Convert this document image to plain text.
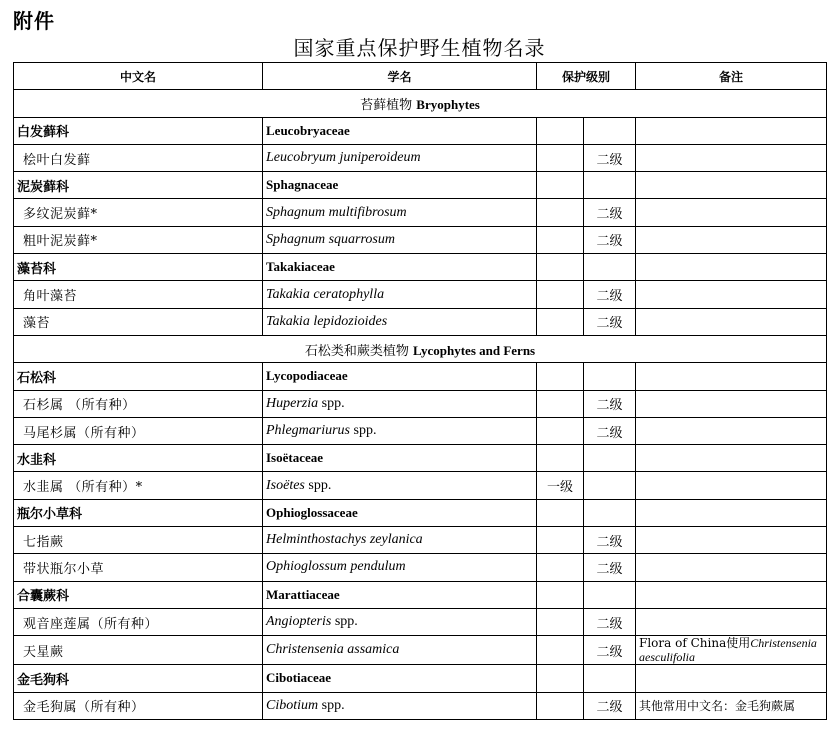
附件
国家重点保护野生植物名录
中文名	学名	保护级别		备注
苔藓植物 Bryophytes				
白发藓科	Leucobryaceae			
桧叶白发藓	Leucobryum juniperoideum		二级	
泥炭藓科	Sphagnaceae			
多纹泥炭藓*	Sphagnum multifibrosum		二级	
粗叶泥炭藓*	Sphagnum squarrosum		二级	
藻苔科	Takakiaceae			
角叶藻苔	Takakia ceratophylla		二级	
藻苔	Takakia lepidozioides		二级	
石松类和蕨类植物 Lycophytes and Ferns				
石松科	Lycopodiaceae			
石杉属 （所有种）	Huperzia spp.		二级	
马尾杉属（所有种）	Phlegmariurus spp.		二级	
水韭科	Isoëtaceae			
水韭属 （所有种）*	Isoëtes spp.	一级		
瓶尔小草科	Ophioglossaceae			
七指蕨	Helminthostachys zeylanica		二级	
带状瓶尔小草	Ophioglossum pendulum		二级	
合囊蕨科	Marattiaceae			
观音座莲属（所有种）	Angiopteris spp.		二级	
天星蕨	Christensenia assamica		二级	Flora of China使用Christensenia aesculifolia
金毛狗科	Cibotiaceae			
金毛狗属（所有种）	Cibotium spp.		二级	其他常用中文名：金毛狗蕨属
